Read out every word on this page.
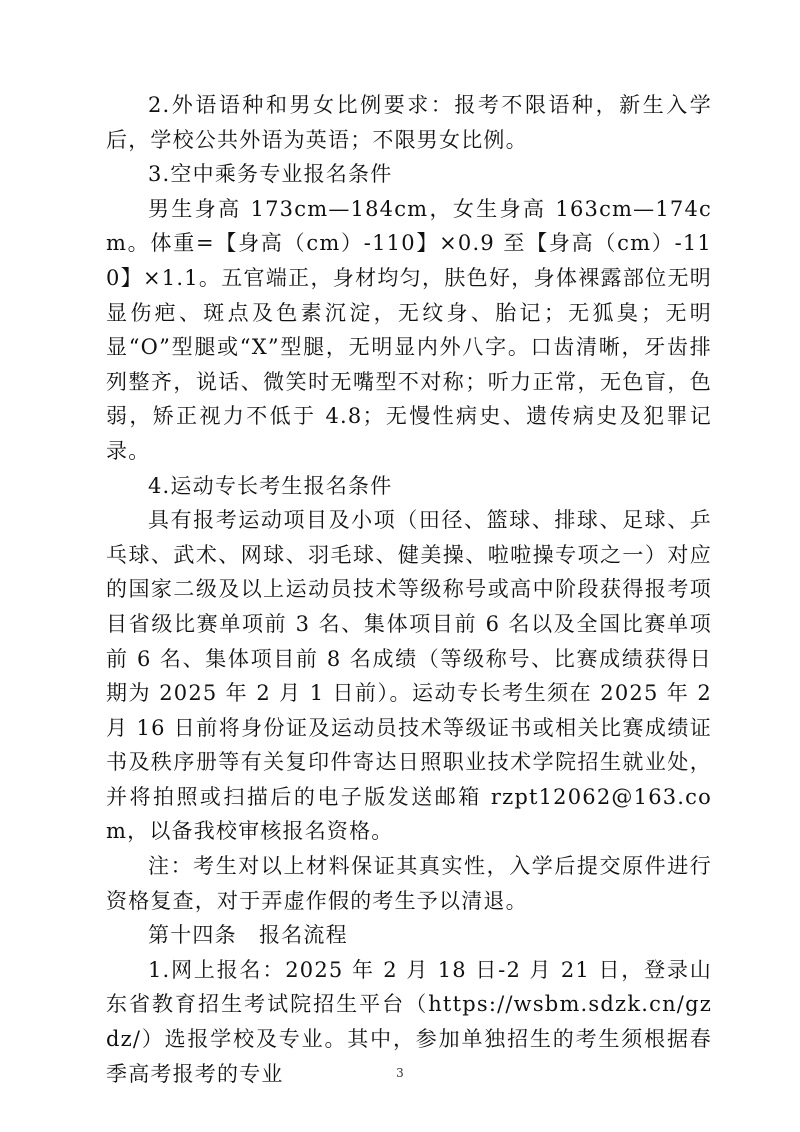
2.外语语种和男女比例要求：报考不限语种，新生入学后，学校公共外语为英语；不限男女比例。

3.空中乘务专业报名条件

男生身高 173cm—184cm，女生身高 163cm—174cm。体重=【身高（cm）-110】×0.9 至【身高（cm）-110】×1.1。五官端正，身材均匀，肤色好，身体裸露部位无明显伤疤、斑点及色素沉淀，无纹身、胎记；无狐臭；无明显“O”型腿或“X”型腿，无明显内外八字。口齿清晰，牙齿排列整齐，说话、微笑时无嘴型不对称；听力正常，无色盲，色弱，矫正视力不低于 4.8；无慢性病史、遗传病史及犯罪记录。

4.运动专长考生报名条件

具有报考运动项目及小项（田径、篮球、排球、足球、乒乓球、武术、网球、羽毛球、健美操、啦啦操专项之一）对应的国家二级及以上运动员技术等级称号或高中阶段获得报考项目省级比赛单项前 3 名、集体项目前 6 名以及全国比赛单项前 6 名、集体项目前 8 名成绩（等级称号、比赛成绩获得日期为 2025 年 2 月 1 日前）。运动专长考生须在 2025 年 2 月 16 日前将身份证及运动员技术等级证书或相关比赛成绩证书及秩序册等有关复印件寄达日照职业技术学院招生就业处，并将拍照或扫描后的电子版发送邮箱 rzpt12062@163.com，以备我校审核报名资格。

注：考生对以上材料保证其真实性，入学后提交原件进行资格复查，对于弄虚作假的考生予以清退。

第十四条　报名流程

1.网上报名：2025 年 2 月 18 日-2 月 21 日，登录山东省教育招生考试院招生平台（https://wsbm.sdzk.cn/gzdz/）选报学校及专业。其中，参加单独招生的考生须根据春季高考报考的专业	3
